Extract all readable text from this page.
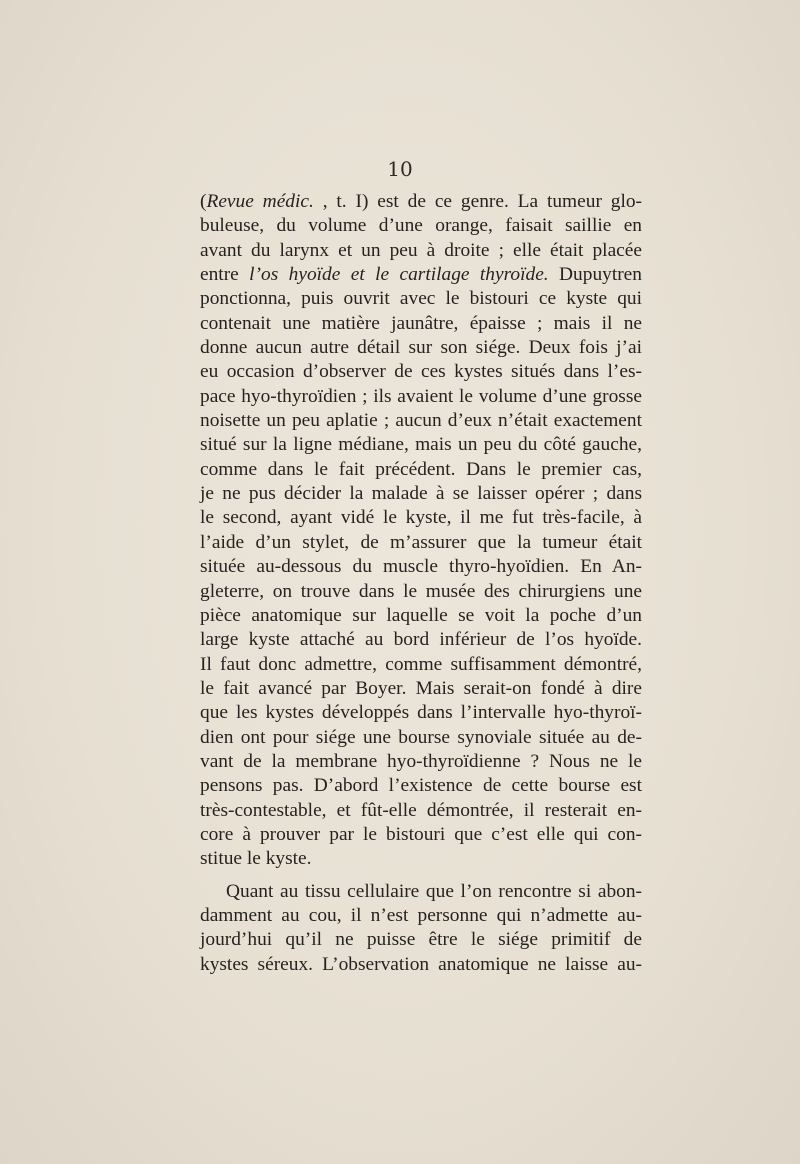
10
(Revue médic. , t. I) est de ce genre. La tumeur glo-
buleuse, du volume d’une orange, faisait saillie en
avant du larynx et un peu à droite ; elle était placée
entre l’os hyoïde et le cartilage thyroïde. Dupuytren
ponctionna, puis ouvrit avec le bistouri ce kyste qui
contenait une matière jaunâtre, épaisse ; mais il ne
donne aucun autre détail sur son siége. Deux fois j’ai
eu occasion d’observer de ces kystes situés dans l’es-
pace hyo-thyroïdien ; ils avaient le volume d’une grosse
noisette un peu aplatie ; aucun d’eux n’était exactement
situé sur la ligne médiane, mais un peu du côté gauche,
comme dans le fait précédent. Dans le premier cas,
je ne pus décider la malade à se laisser opérer ; dans
le second, ayant vidé le kyste, il me fut très-facile, à
l’aide d’un stylet, de m’assurer que la tumeur était
située au-dessous du muscle thyro-hyoïdien. En An-
gleterre, on trouve dans le musée des chirurgiens une
pièce anatomique sur laquelle se voit la poche d’un
large kyste attaché au bord inférieur de l’os hyoïde.
Il faut donc admettre, comme suffisamment démontré,
le fait avancé par Boyer. Mais serait-on fondé à dire
que les kystes développés dans l’intervalle hyo-thyroï-
dien ont pour siége une bourse synoviale située au de-
vant de la membrane hyo-thyroïdienne ? Nous ne le
pensons pas. D’abord l’existence de cette bourse est
très-contestable, et fût-elle démontrée, il resterait en-
core à prouver par le bistouri que c’est elle qui con-
stitue le kyste.
Quant au tissu cellulaire que l’on rencontre si abon-
damment au cou, il n’est personne qui n’admette au-
jourd’hui qu’il ne puisse être le siége primitif de
kystes séreux. L’observation anatomique ne laisse au-
